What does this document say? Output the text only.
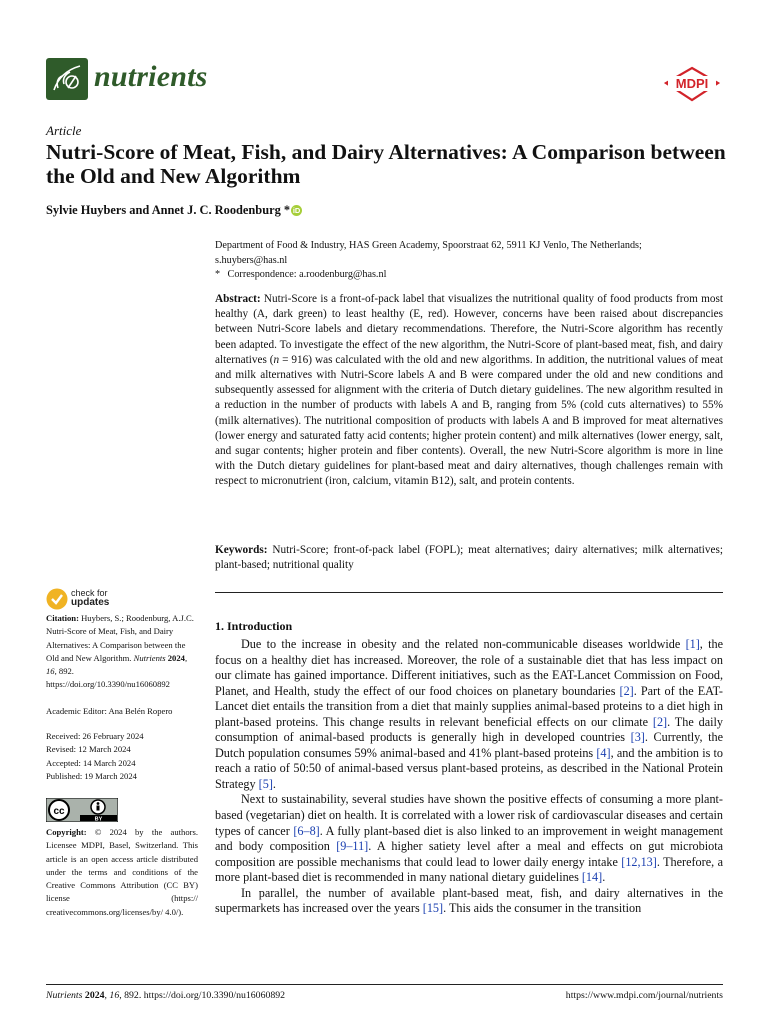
nutrients	MDPI
Article
Nutri-Score of Meat, Fish, and Dairy Alternatives: A Comparison between the Old and New Algorithm
Sylvie Huybers and Annet J. C. Roodenburg * iD
Department of Food & Industry, HAS Green Academy, Spoorstraat 62, 5911 KJ Venlo, The Netherlands;
s.huybers@has.nl
* Correspondence: a.roodenburg@has.nl
Abstract: Nutri-Score is a front-of-pack label that visualizes the nutritional quality of food products from most healthy (A, dark green) to least healthy (E, red). However, concerns have been raised about discrepancies between Nutri-Score labels and dietary recommendations. Therefore, the Nutri-Score algorithm has recently been adapted. To investigate the effect of the new algorithm, the Nutri-Score of plant-based meat, fish, and dairy alternatives (n = 916) was calculated with the old and new algorithms. In addition, the nutritional values of meat and milk alternatives with Nutri-Score labels A and B were compared under the old and new conditions and subsequently assessed for alignment with the criteria of Dutch dietary guidelines. The new algorithm resulted in a reduction in the number of products with labels A and B, ranging from 5% (cold cuts alternatives) to 55% (milk alternatives). The nutritional composition of products with labels A and B improved for meat alternatives (lower energy and saturated fatty acid contents; higher protein content) and milk alternatives (lower energy, salt, and sugar contents; higher protein and fiber contents). Overall, the new Nutri-Score algorithm is more in line with the Dutch dietary guidelines for plant-based meat and dairy alternatives, though challenges remain with respect to micronutrient (iron, calcium, vitamin B12), salt, and protein contents.
Keywords: Nutri-Score; front-of-pack label (FOPL); meat alternatives; dairy alternatives; milk alternatives; plant-based; nutritional quality
check for
updates
Citation: Huybers, S.; Roodenburg, A.J.C. Nutri-Score of Meat, Fish, and Dairy Alternatives: A Comparison between the Old and New Algorithm. Nutrients 2024, 16, 892. https://doi.org/10.3390/nu16060892
Academic Editor: Ana Belén Ropero
Received: 26 February 2024
Revised: 12 March 2024
Accepted: 14 March 2024
Published: 19 March 2024
cc
BY
Copyright: © 2024 by the authors. Licensee MDPI, Basel, Switzerland. This article is an open access article distributed under the terms and conditions of the Creative Commons Attribution (CC BY) license (https:// creativecommons.org/licenses/by/ 4.0/).
1. Introduction

Due to the increase in obesity and the related non-communicable diseases worldwide [1], the focus on a healthy diet has increased. Moreover, the role of a sustainable diet that has less impact on our climate has gained importance. Different initiatives, such as the EAT-Lancet Commission on Food, Planet, and Health, study the effect of our food choices on planetary boundaries [2]. Part of the EAT-Lancet diet entails the transition from a diet that mainly supplies animal-based proteins to a diet high in plant-based proteins. This change results in relevant beneficial effects on our climate [2]. The daily consumption of animal-based products is generally high in developed countries [3]. Currently, the Dutch population consumes 59% animal-based and 41% plant-based proteins [4], and the ambition is to reach a ratio of 50:50 of animal-based versus plant-based proteins, as described in the National Protein Strategy [5].

Next to sustainability, several studies have shown the positive effects of consuming a more plant-based (vegetarian) diet on health. It is correlated with a lower risk of cardiovascular diseases and certain types of cancer [6–8]. A fully plant-based diet is also linked to an improvement in weight management and body composition [9–11]. A higher satiety level after a meal and effects on gut microbiota composition are possible mechanisms that could lead to lower daily energy intake [12,13]. Therefore, a more plant-based diet is recommended in many national dietary guidelines [14].

In parallel, the number of available plant-based meat, fish, and dairy alternatives in the supermarkets has increased over the years [15]. This aids the consumer in the transition

Nutrients 2024, 16, 892. https://doi.org/10.3390/nu16060892	https://www.mdpi.com/journal/nutrients
